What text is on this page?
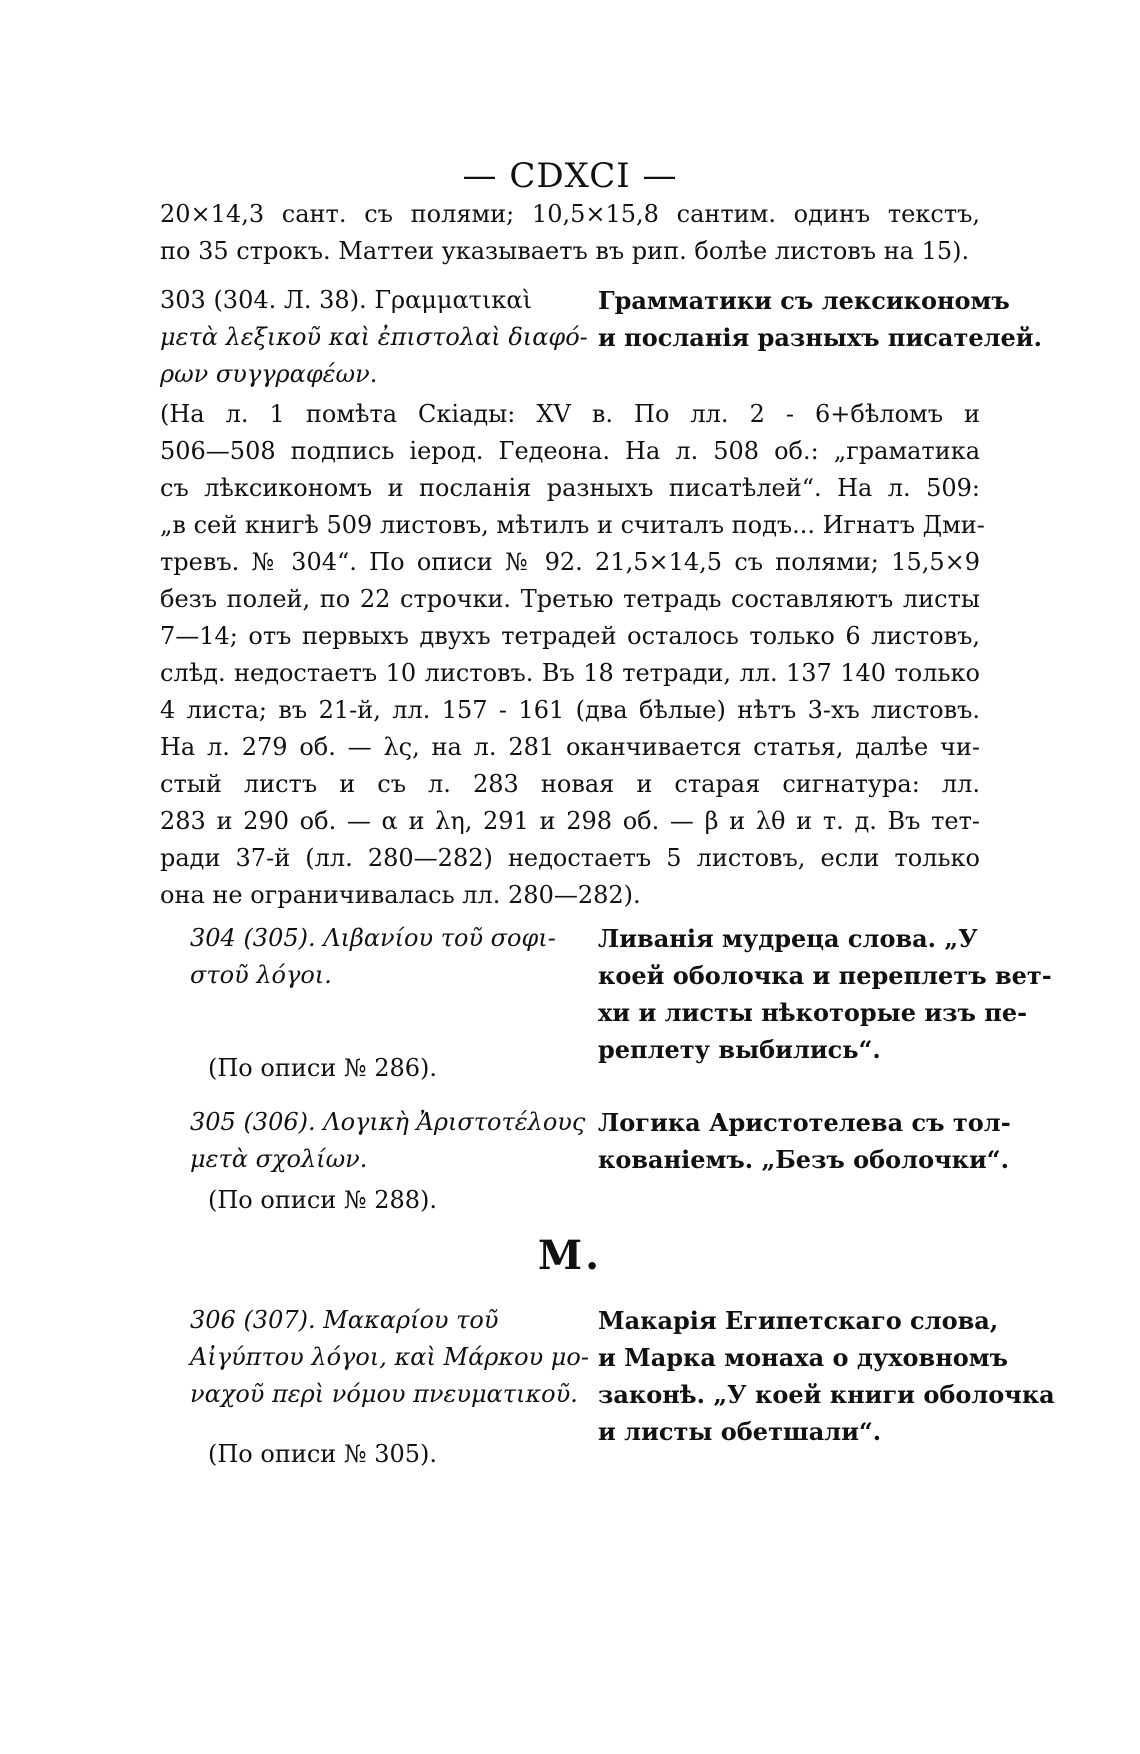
— CDXCI —
20×14,3 сант. съ полями; 10,5×15,8 сантим. одинъ текстъ,
по 35 строкъ. Маттеи указываетъ въ рип. болѣе листовъ на 15).
303 (304. Л. 38). Γραμματικαὶ
μετὰ λεξικοῦ καὶ ἐπιστολαὶ διαφό-
ρων συγγραφέων.
Грамматики съ лексикономъ
и посланія разныхъ писателей.
(На л. 1 помѣта Скіады: XV в. По лл. 2 - 6+бѣломъ и
506—508 подпись іерод. Гедеона. На л. 508 об.: „граматика
съ лѣксикономъ и посланія разныхъ писатѣлей“. На л. 509:
„в сей книгѣ 509 листовъ, мѣтилъ и считалъ подъ... Игнатъ Дми-
тревъ. № 304“. По описи № 92. 21,5×14,5 съ полями; 15,5×9
безъ полей, по 22 строчки. Третью тетрадь составляютъ листы
7—14; отъ первыхъ двухъ тетрадей осталось только 6 листовъ,
слѣд. недостаетъ 10 листовъ. Въ 18 тетради, лл. 137 140 только
4 листа; въ 21-й, лл. 157 - 161 (два бѣлые) нѣтъ 3-хъ листовъ.
На л. 279 об. — λς, на л. 281 оканчивается статья, далѣе чи-
стый листъ и съ л. 283 новая и старая сигнатура: лл.
283 и 290 об. — α и λη, 291 и 298 об. — β и λθ и т. д. Въ тет-
ради 37-й (лл. 280—282) недостаетъ 5 листовъ, если только
она не ограничивалась лл. 280—282).
304 (305). Λιβανίου τοῦ σοφι-
στοῦ λόγοι.
Ливанія мудреца слова. „У
коей оболочка и переплетъ вет-
хи и листы нѣкоторые изъ пе-
реплету выбились“.
(По описи № 286).
305 (306). Λογικὴ Ἀριστοτέλους
μετὰ σχολίων.
Логика Аристотелева съ тол-
кованіемъ. „Безъ оболочки“.
(По описи № 288).
М.
306 (307). Μακαρίου τοῦ
Αἰγύπτου λόγοι, καὶ Μάρκου μο-
ναχοῦ περὶ νόμου πνευματικοῦ.
Макарія Египетскаго слова,
и Марка монаха о духовномъ
законѣ. „У коей книги оболочка
и листы обетшали“.
(По описи № 305).
